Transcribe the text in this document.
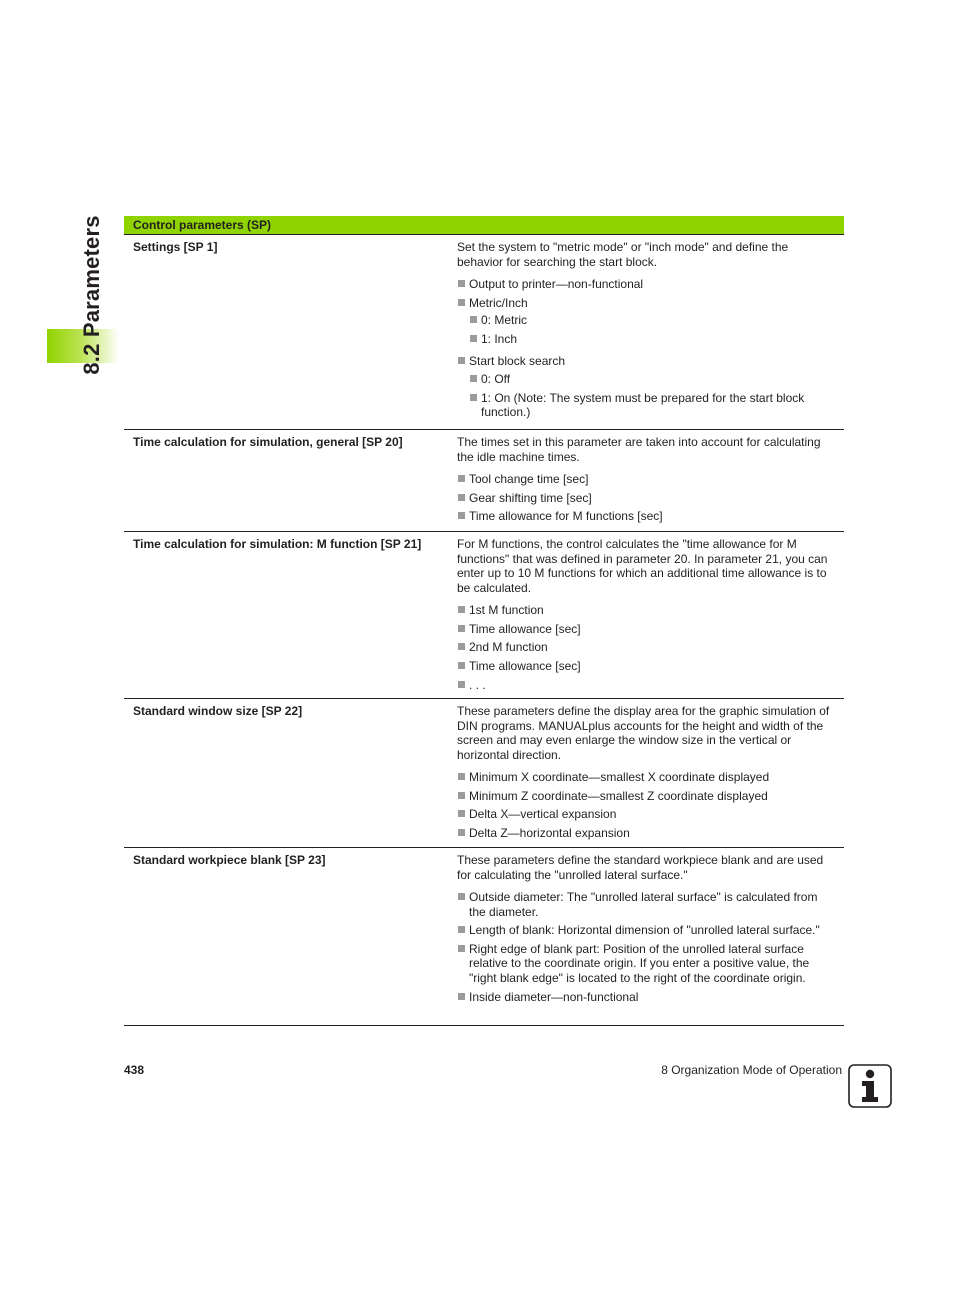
8.2 Parameters	Control parameters (SP)
Settings [SP 1]	Set the system to "metric mode" or "inch mode" and define the behavior for searching the start block.

Output to printer—non-functional
Metric/Inch
0: Metric
1: Inch
Start block search
0: Off
1: On (Note: The system must be prepared for the start block function.)
Time calculation for simulation, general [SP 20]	The times set in this parameter are taken into account for calculating the idle machine times.

Tool change time [sec]
Gear shifting time [sec]
Time allowance for M functions [sec]
Time calculation for simulation: M function [SP 21]	For M functions, the control calculates the "time allowance for M functions" that was defined in parameter 20. In parameter 21, you can enter up to 10 M functions for which an additional time allowance is to be calculated.

1st M function
Time allowance [sec]
2nd M function
Time allowance [sec]
. . .
Standard window size [SP 22]	These parameters define the display area for the graphic simulation of DIN programs. MANUALplus accounts for the height and width of the screen and may even enlarge the window size in the vertical or horizontal direction.

Minimum X coordinate—smallest X coordinate displayed
Minimum Z coordinate—smallest Z coordinate displayed
Delta X—vertical expansion
Delta Z—horizontal expansion
Standard workpiece blank [SP 23]	These parameters define the standard workpiece blank and are used for calculating the "unrolled lateral surface."

Outside diameter: The "unrolled lateral surface" is calculated from the diameter.
Length of blank: Horizontal dimension of "unrolled lateral surface."
Right edge of blank part: Position of the unrolled lateral surface relative to the coordinate origin. If you enter a positive value, the "right blank edge" is located to the right of the coordinate origin.
Inside diameter—non-functional
438	8 Organization Mode of Operation
